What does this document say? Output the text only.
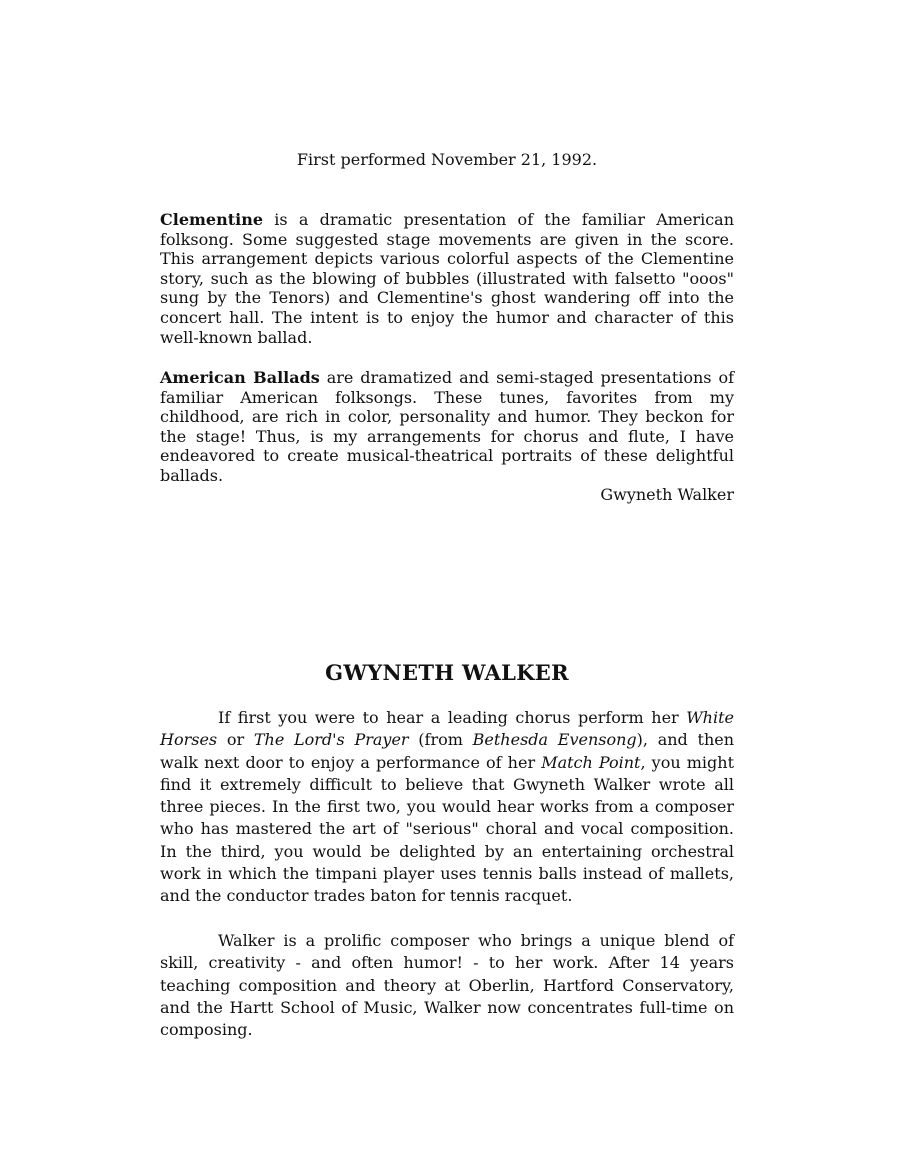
First performed November 21, 1992.

Clementine is a dramatic presentation of the familiar American folksong. Some suggested stage movements are given in the score. This arrangement depicts various colorful aspects of the Clementine story, such as the blowing of bubbles (illustrated with falsetto "ooos" sung by the Tenors) and Clementine's ghost wandering off into the concert hall. The intent is to enjoy the humor and character of this well-known ballad.

American Ballads are dramatized and semi-staged presentations of familiar American folksongs. These tunes, favorites from my childhood, are rich in color, personality and humor. They beckon for the stage! Thus, is my arrangements for chorus and flute, I have endeavored to create musical-theatrical portraits of these delightful ballads.

Gwyneth Walker
GWYNETH WALKER

If first you were to hear a leading chorus perform her White Horses or The Lord's Prayer (from Bethesda Evensong), and then walk next door to enjoy a performance of her Match Point, you might find it extremely difficult to believe that Gwyneth Walker wrote all three pieces. In the first two, you would hear works from a composer who has mastered the art of "serious" choral and vocal composition. In the third, you would be delighted by an entertaining orchestral work in which the timpani player uses tennis balls instead of mallets, and the conductor trades baton for tennis racquet.

Walker is a prolific composer who brings a unique blend of skill, creativity - and often humor! - to her work. After 14 years teaching composition and theory at Oberlin, Hartford Conservatory, and the Hartt School of Music, Walker now concentrates full-time on composing.
